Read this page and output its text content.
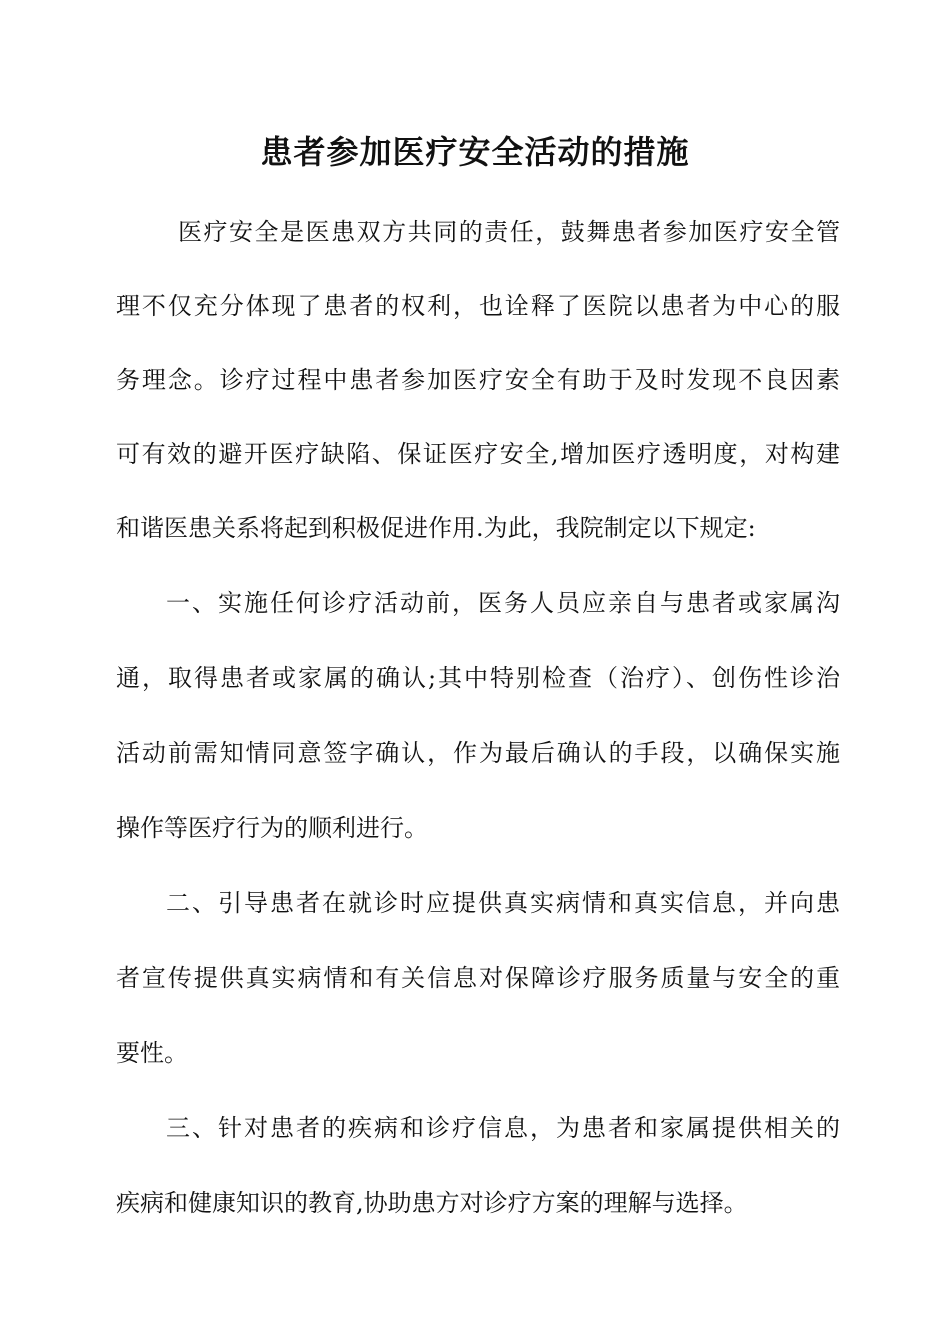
患者参加医疗安全活动的措施

医疗安全是医患双方共同的责任，鼓舞患者参加医疗安全管

理不仅充分体现了患者的权利，也诠释了医院以患者为中心的服

务理念。诊疗过程中患者参加医疗安全有助于及时发现不良因素

可有效的避开医疗缺陷、保证医疗安全,增加医疗透明度，对构建

和谐医患关系将起到积极促进作用.为此，我院制定以下规定:

一、实施任何诊疗活动前，医务人员应亲自与患者或家属沟

通，取得患者或家属的确认;其中特别检查（治疗）、创伤性诊治

活动前需知情同意签字确认，作为最后确认的手段，以确保实施

操作等医疗行为的顺利进行。

二、引导患者在就诊时应提供真实病情和真实信息，并向患

者宣传提供真实病情和有关信息对保障诊疗服务质量与安全的重

要性。

三、针对患者的疾病和诊疗信息，为患者和家属提供相关的

疾病和健康知识的教育,协助患方对诊疗方案的理解与选择。
